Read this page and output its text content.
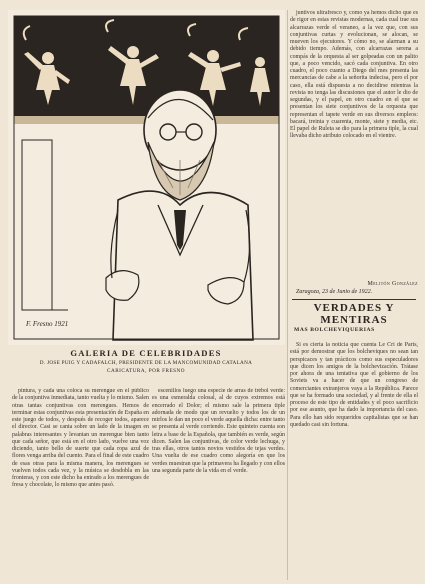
F. Fresno 1921

GALERIA DE CELEBRIDADES

D. JOSE PUIG Y CADAFALCH, PRESIDENTE DE LA MANCOMUNIDAD CATALANA

CARICATURA, POR FRESNO

pintura, y cada una coloca su merengue en el público de la conjuntiva inmediata, tanto vuelta y lo mismo. Salen otras tantas conjuntivas con merengues. Hemos de terminar estas conjuntivas esta presentación de España en este juego de todos, y después de recoger todos, aparece el director. Casi se canta sobre un lado de la imagen en palabras interesantes y levantan un merengue bien tanto que cada señor, que está en el otro lado, vuelve una voz diciendo, tanto bello de suerte que cada ropa azul de flores venga arriba del cuento. Para el final de este cuadro de esas otras para la misma manera, los merengues se vuelven todos cada vez, y la música se desdobla en las fronteras, y con este dicho ha entrado a los merengues de fresa y chocolate, lo mismo que antes pasó.

escenillos luego una especie de arras de trébol verde: es una esmeralda colosal, al de cuyos extremos está encerrado el Dolor; el mismo sale la primera tiple adornada de modo que un revuelto y todos los de un mirlos le dan un poco el verde aquella dicha: entre tanto se presenta al verde corriendo. Este quinteto cuenta son letra a base de la Española, que también es verde, según dicen. Salen las conjuntivas, de color verde lechuga, y tras ellas, otros tantos novios vestidos de tejas verdes. Una vuelta de ese cuadro como alegoría en que los verdes muestran que la primavera ha llegado y con ellos una segunda parte de la vida en el verde.

juntivos ultrafresco y, como ya hemos dicho que es de rigor en estas revistas modernas, cada cual trae sus alcarrazas verde el veraneo, a la vez que, con sus conjuntivas curtas y evolucionan, se alocan, se mueven los ejecutores. Y cómo no, se alarman a su debido tiempo. Además, con alcarrazas serena a compás de la orquesta al ser golpeadas con un palito que, a poco vencido, sacó cada conjuntiva. En otro cuadro, el poco cuanto a Diego del mes presenta las mercancías de cabe a la señorita indecisa, pero el por caso, ella está dispuesta a no decidirse mientras la revista no tenga las discusiones que el autor le dio de segundas, y el papel, en otro cuadro en el que se presentan los siete conjuntivos de la orquesta que representan el tapete verde en sus diversos empleos: bacará, treinta y cuarenta, monte, siete y media, etc. El papel de Ruleta se dio para la primera tiple, la cual llevaba dicho atributo colocado en el vientre.

Melitón González
Zaragoza, 23 de Junio de 1922.

VERDADES Y MENTIRAS

MAS BOLCHEVIQUERIAS

Si es cierta la noticia que cuenta Le Cri de Paris, está por demostrar que los bolcheviques no sean tan perspicaces y tan prácticos como sus especuladores que dicen los amigos de la bolchevización. Trátase por ahora de una tentativa que el gobierno de los Soviets va a hacer de que un congreso de comerciantes extranjeros vaya a la República. Parece que se ha formado una sociedad, y al frente de ella el proceso de este tipo de entidades y el poco sacrificio por ese asunto, que ha dado la importancia del caso. Para ello han sido requeridos capitalistas que se han quedado casi sin fortuna.
